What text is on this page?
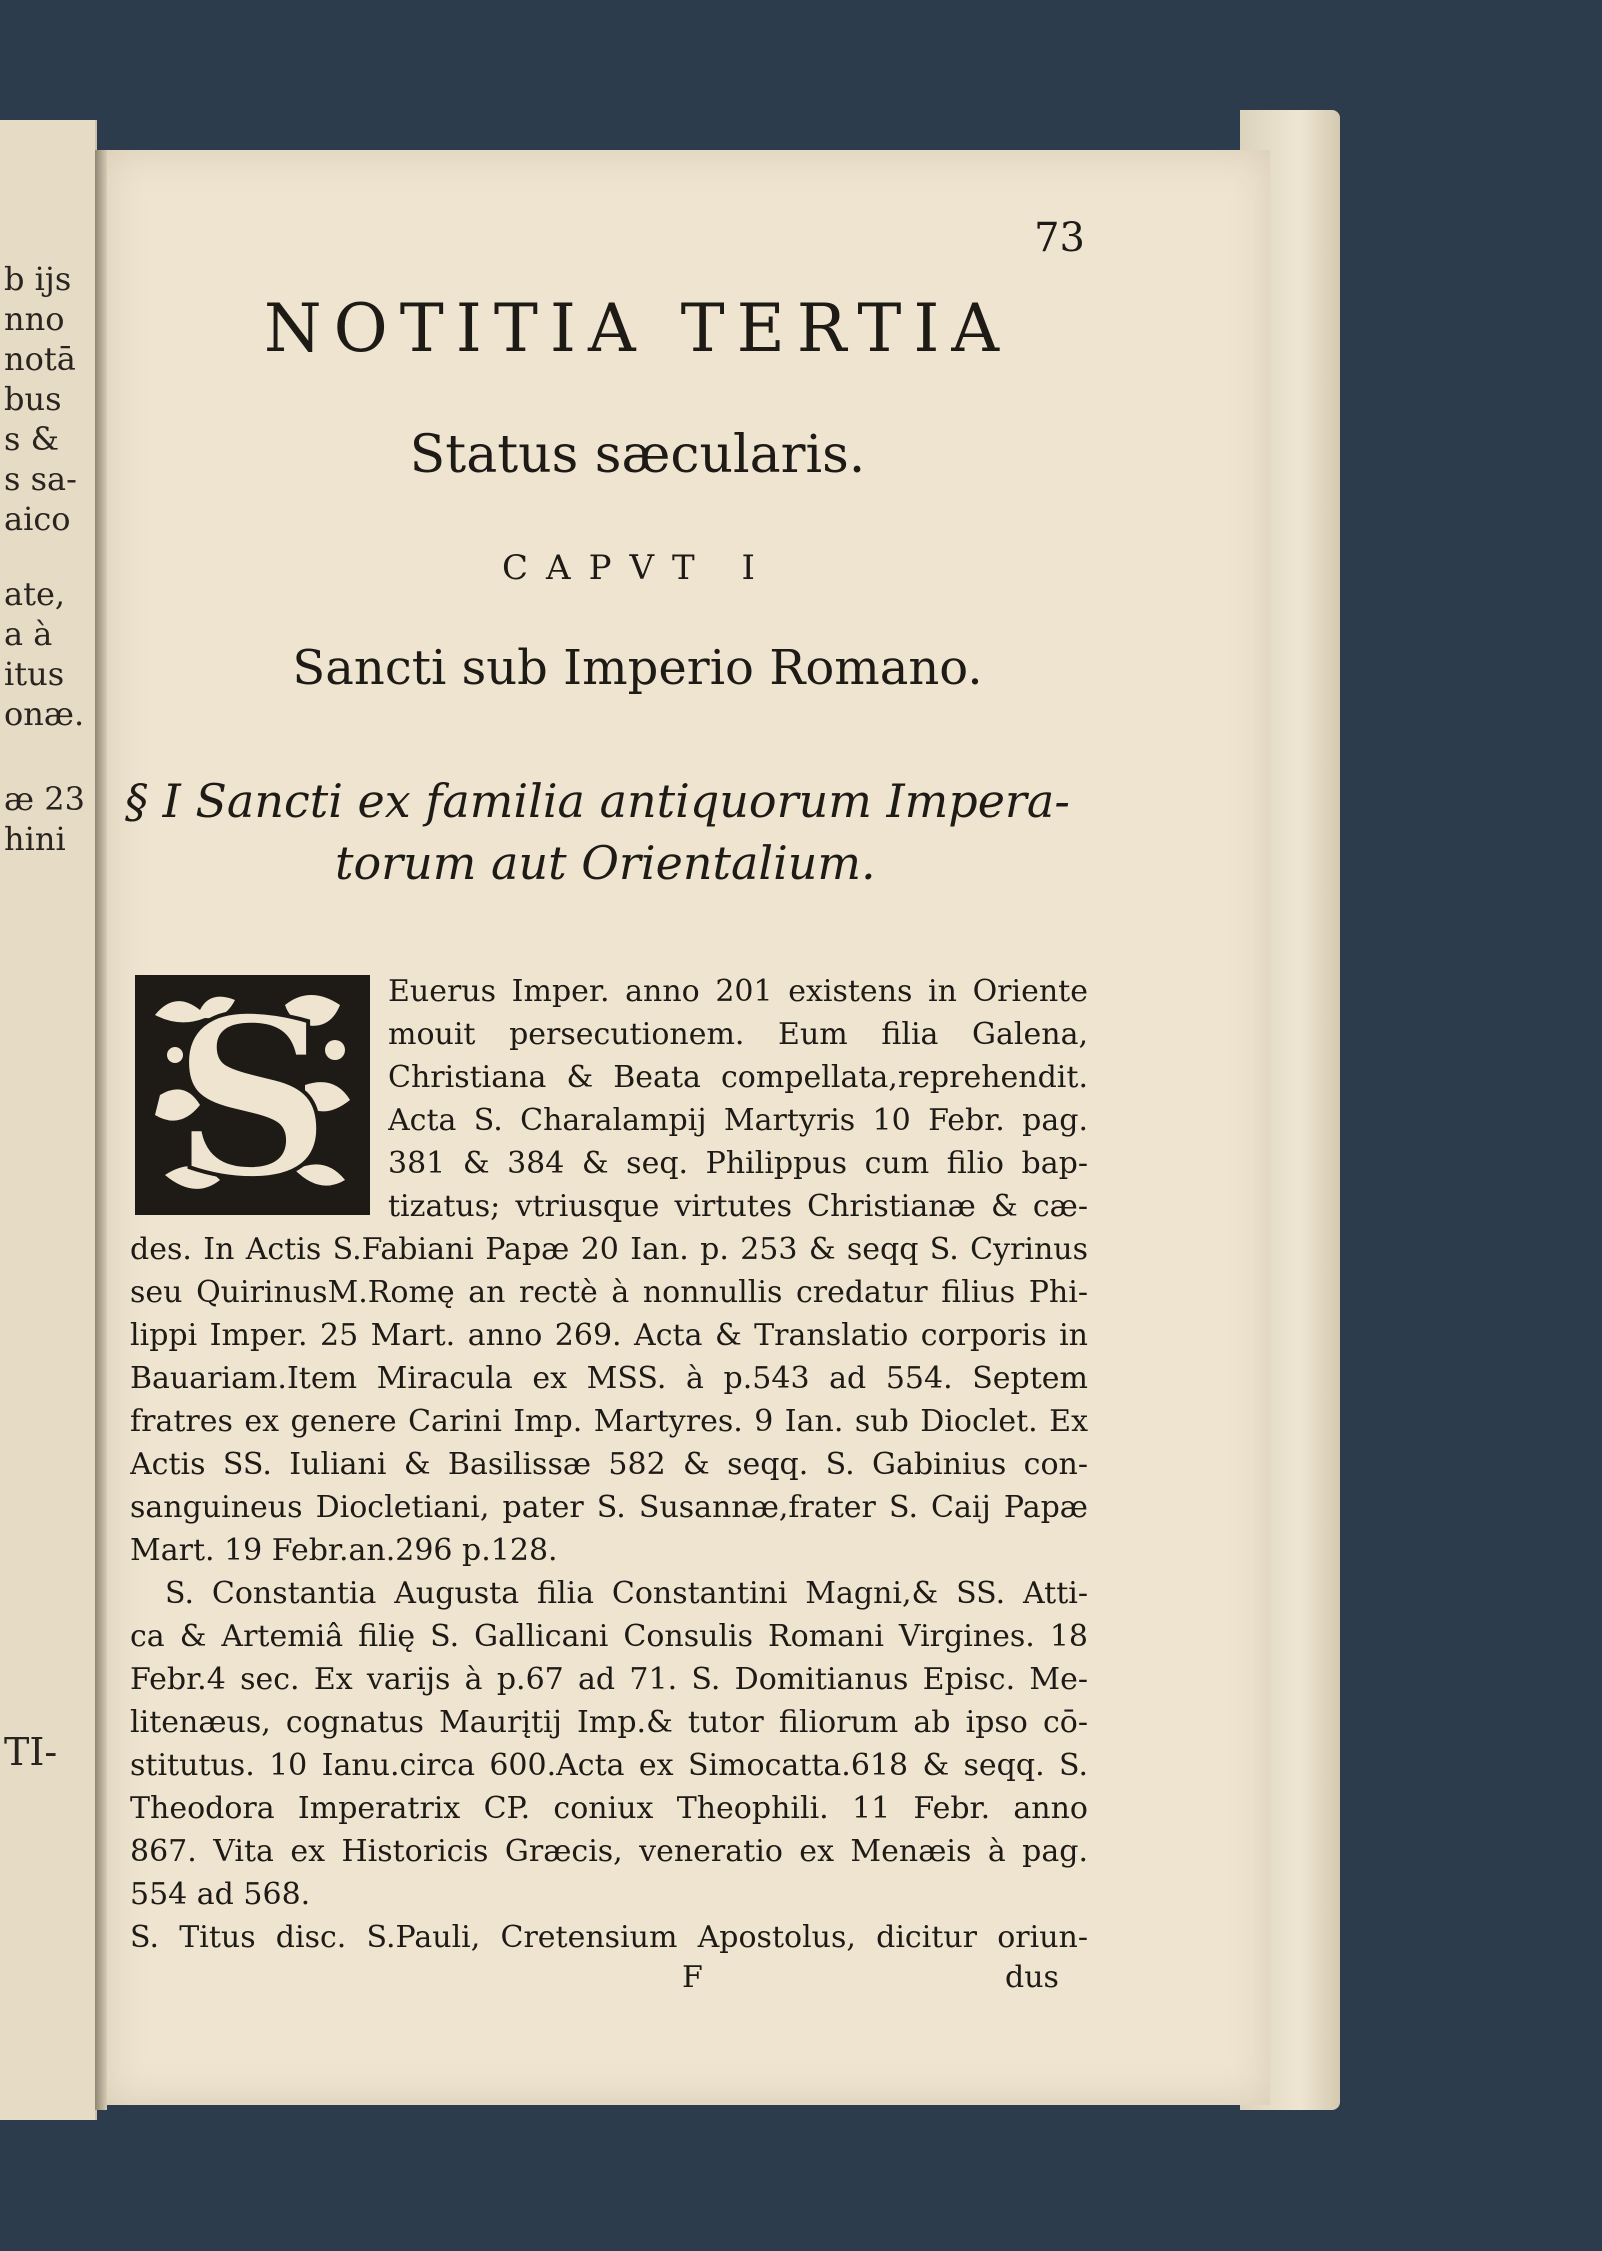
b ijs
nno
notā
bus
s &
s sa-
aico
ate,
a à
itus
onæ.
æ 23
hini
TI-
73
NOTITIA TERTIA
Status sæcularis.
CAPVT I
Sancti sub Imperio Romano.
§ I Sancti ex familia antiquorum Impera-
torum aut Orientalium.
S Euerus Imper. anno 201 existens in Oriente
mouit persecutionem. Eum filia Galena,
Christiana & Beata compellata,reprehendit.
Acta S. Charalampij Martyris 10 Febr. pag.
381 & 384 & seq. Philippus cum filio bap-
tizatus; vtriusque virtutes Christianæ & cæ-
des. In Actis S.Fabiani Papæ 20 Ian. p. 253 & seqq S. Cyrinus
seu QuirinusM.Romę an rectè à nonnullis credatur filius Phi-
lippi Imper. 25 Mart. anno 269. Acta & Translatio corporis in
Bauariam.Item Miracula ex MSS. à p.543 ad 554. Septem
fratres ex genere Carini Imp. Martyres. 9 Ian. sub Dioclet. Ex
Actis SS. Iuliani & Basilissæ 582 & seqq. S. Gabinius con-
sanguineus Diocletiani, pater S. Susannæ,frater S. Caij Papæ
Mart. 19 Febr.an.296 p.128.
S. Constantia Augusta filia Constantini Magni,& SS. Atti-
ca & Artemiâ filię S. Gallicani Consulis Romani Virgines. 18
Febr.4 sec. Ex varijs à p.67 ad 71. S. Domitianus Episc. Me-
litenæus, cognatus Maurįtij Imp.& tutor filiorum ab ipso cō-
stitutus. 10 Ianu.circa 600.Acta ex Simocatta.618 & seqq. S.
Theodora Imperatrix CP. coniux Theophili. 11 Febr. anno
867. Vita ex Historicis Græcis, veneratio ex Menæis à pag.
554 ad 568.
S. Titus disc. S.Pauli, Cretensium Apostolus, dicitur oriun-
F	dus
